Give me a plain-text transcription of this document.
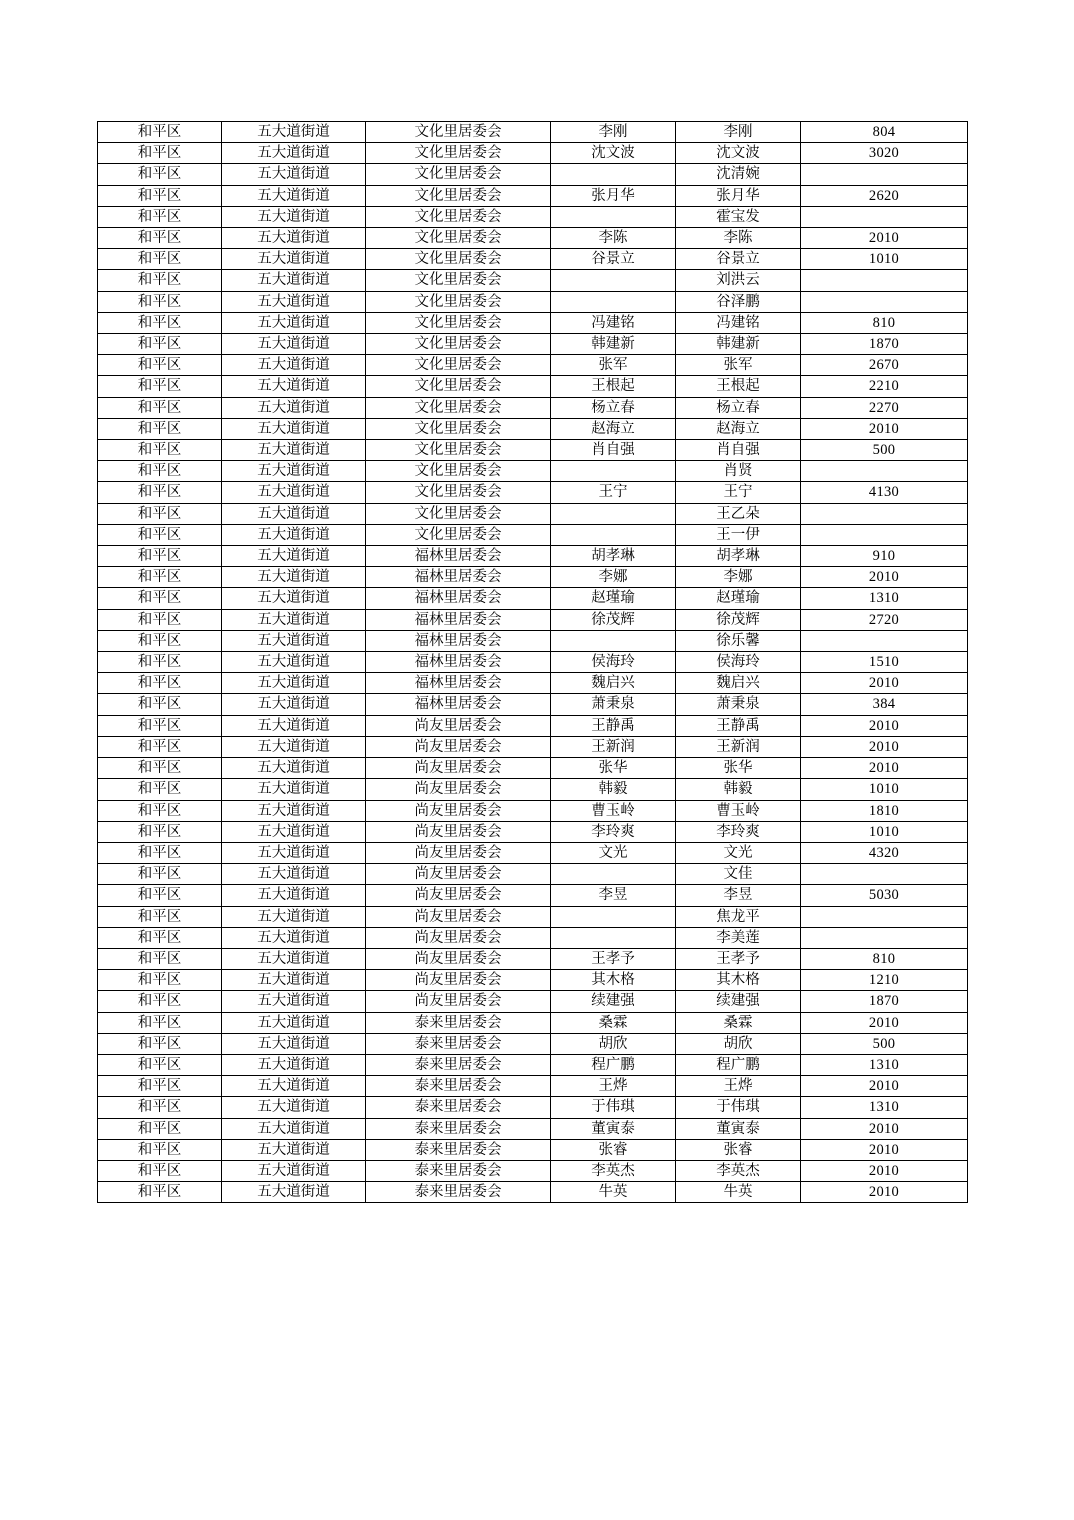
和平区	五大道街道	文化里居委会	李刚	李刚	804
和平区	五大道街道	文化里居委会	沈文波	沈文波	3020
和平区	五大道街道	文化里居委会		沈清婉	
和平区	五大道街道	文化里居委会	张月华	张月华	2620
和平区	五大道街道	文化里居委会		霍宝发	
和平区	五大道街道	文化里居委会	李陈	李陈	2010
和平区	五大道街道	文化里居委会	谷景立	谷景立	1010
和平区	五大道街道	文化里居委会		刘洪云	
和平区	五大道街道	文化里居委会		谷泽鹏	
和平区	五大道街道	文化里居委会	冯建铭	冯建铭	810
和平区	五大道街道	文化里居委会	韩建新	韩建新	1870
和平区	五大道街道	文化里居委会	张军	张军	2670
和平区	五大道街道	文化里居委会	王根起	王根起	2210
和平区	五大道街道	文化里居委会	杨立春	杨立春	2270
和平区	五大道街道	文化里居委会	赵海立	赵海立	2010
和平区	五大道街道	文化里居委会	肖自强	肖自强	500
和平区	五大道街道	文化里居委会		肖贤	
和平区	五大道街道	文化里居委会	王宁	王宁	4130
和平区	五大道街道	文化里居委会		王乙朵	
和平区	五大道街道	文化里居委会		王一伊	
和平区	五大道街道	福林里居委会	胡孝琳	胡孝琳	910
和平区	五大道街道	福林里居委会	李娜	李娜	2010
和平区	五大道街道	福林里居委会	赵瑾瑜	赵瑾瑜	1310
和平区	五大道街道	福林里居委会	徐茂辉	徐茂辉	2720
和平区	五大道街道	福林里居委会		徐乐馨	
和平区	五大道街道	福林里居委会	侯海玲	侯海玲	1510
和平区	五大道街道	福林里居委会	魏启兴	魏启兴	2010
和平区	五大道街道	福林里居委会	萧秉泉	萧秉泉	384
和平区	五大道街道	尚友里居委会	王静禹	王静禹	2010
和平区	五大道街道	尚友里居委会	王新润	王新润	2010
和平区	五大道街道	尚友里居委会	张华	张华	2010
和平区	五大道街道	尚友里居委会	韩毅	韩毅	1010
和平区	五大道街道	尚友里居委会	曹玉岭	曹玉岭	1810
和平区	五大道街道	尚友里居委会	李玲爽	李玲爽	1010
和平区	五大道街道	尚友里居委会	文光	文光	4320
和平区	五大道街道	尚友里居委会		文佳	
和平区	五大道街道	尚友里居委会	李昱	李昱	5030
和平区	五大道街道	尚友里居委会		焦龙平	
和平区	五大道街道	尚友里居委会		李美莲	
和平区	五大道街道	尚友里居委会	王孝予	王孝予	810
和平区	五大道街道	尚友里居委会	其木格	其木格	1210
和平区	五大道街道	尚友里居委会	续建强	续建强	1870
和平区	五大道街道	泰来里居委会	桑霖	桑霖	2010
和平区	五大道街道	泰来里居委会	胡欣	胡欣	500
和平区	五大道街道	泰来里居委会	程广鹏	程广鹏	1310
和平区	五大道街道	泰来里居委会	王烨	王烨	2010
和平区	五大道街道	泰来里居委会	于伟琪	于伟琪	1310
和平区	五大道街道	泰来里居委会	董寅泰	董寅泰	2010
和平区	五大道街道	泰来里居委会	张睿	张睿	2010
和平区	五大道街道	泰来里居委会	李英杰	李英杰	2010
和平区	五大道街道	泰来里居委会	牛英	牛英	2010
